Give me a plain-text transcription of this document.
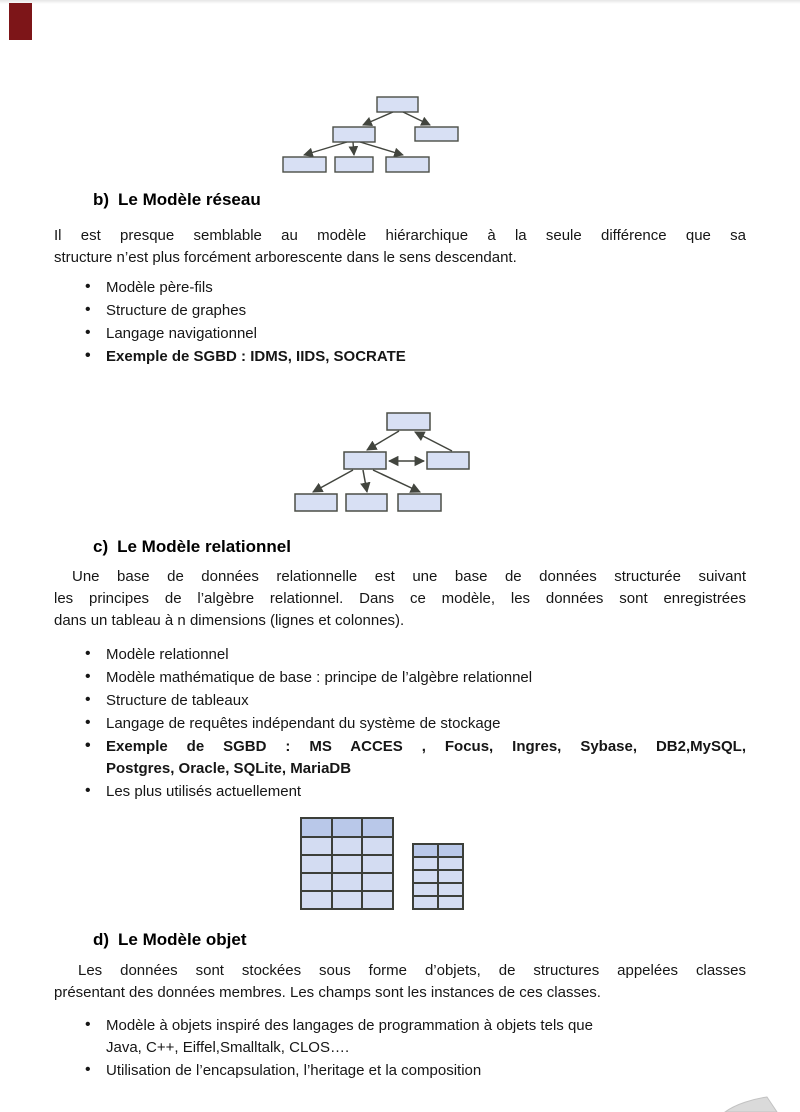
b) Le Modèle réseau
Il est presque semblable au modèle hiérarchique à la seule différence que sa
structure n’est plus forcément arborescente dans le sens descendant.
• Modèle père-fils
• Structure de graphes
• Langage navigationnel
• Exemple de SGBD : IDMS, IIDS, SOCRATE
c) Le Modèle relationnel
Une base de données relationnelle est une base de données structurée suivant
les principes de l’algèbre relationnel. Dans ce modèle, les données sont enregistrées
dans un tableau à n dimensions (lignes et colonnes).
• Modèle relationnel
• Modèle mathématique de base : principe de l’algèbre relationnel
• Structure de tableaux
• Langage de requêtes indépendant du système de stockage
• Exemple de SGBD : MS ACCES , Focus, Ingres, Sybase, DB2,MySQL,
Postgres, Oracle, SQLite, MariaDB
• Les plus utilisés actuellement

d) Le Modèle objet
Les données sont stockées sous forme d’objets, de structures appelées classes
présentant des données membres. Les champs sont les instances de ces classes.
• Modèle à objets inspiré des langages de programmation à objets tels que
Java, C++, Eiffel,Smalltalk, CLOS….
• Utilisation de l’encapsulation, l’heritage et la composition
